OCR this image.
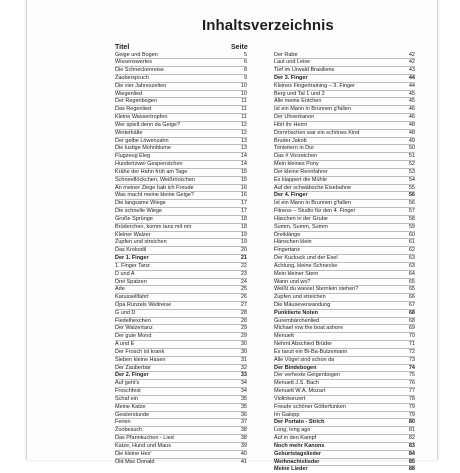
Inhaltsverzeichnis
Titel	Seite
Geige und Bogen	5
Wissenswertes	6
Die Schneckenreise	8
Zauberspruch	9
Die vier Jahreszeiten	10
Wiegenlied	10
Der Regenbogen	11
Das Regenlied	11
Kleine Wassertropfen	11
Wer spielt denn da Geige?	12
Winterkälte	12
Der gelbe Löwenzahn	13
Die lustige Mohnblume	13
Flugzeug Eleg	14
Hundertzwei Gespenstchen	14
Krähe der Hahn früh am Tage	15
Schneeflöckchen, Weißröckchen	15
An meiner Ziege hab ich Freude	16
Was macht meine kleine Geige?	16
Die langsame Wiege	17
Die schnelle Wiege	17
Große Sprünge	18
Brüderchen, komm tanz mit mir	18
Kleiner Walzer	19
Zupfen und streichen	19
Das Krokodil	20
Der 1. Finger	21
1. Finger Tanz	22
D und A	23
Drei Spatzen	24
Ade	25
Karussellfahrt	26
Opa Runzels Weltreise	27
G und D	28
Fiedelhexchen	28
Der Walzertanz	29
Der gute Mond	29
A und E	30
Der Frosch ist krank	30
Sieben kleine Hasen	31
Der Zauberbär	32
Der 2. Finger	33
Auf geht's	34
Froschfest	34
Schaf ein	35
Meine Katze	35
Geisterstunde	36
Ferien	37
Zoobesuch	38
Das Pfannkuchen - Lied	38
Katze, Hund und Maus	39
Die kleine Hex'	40
Old Mac Donald	41
Der Rabe	42
Laut und Leise	42
Tief im Urwald Brasiliens	43
Der 3. Finger	44
Kleines Fingertraining – 3. Finger	44
Berg und Tal 1 und 2	45
Alle meine Entchen	45
Ist ein Mann in Brunnen g'fallen	46
Der Uhrenkanon	46
Hört ihr Herrn	48
Dornröschen war ein schönes Kind	48
Bruder Jakob	49
Tonleitern in Dur	50
Das # Vorzeichen	51
Mein kleines Pony	52
Der kleine Rennfahrer	53
Es klappert die Mühle	54
Auf der schwäbsche Eisebahne	55
Der 4. Finger	56
Ist ein Mann in Brunnen g'fallen	56
Fitness – Studio für den 4. Finger	57
Häschen in der Grube	58
Summ, Summ, Summ	59
Dreiklänge	60
Hänschen klein	61
Fingertanz	62
Der Kuckuck und der Esel	63
Achtung, kleine Schnecke	63
Mein kleiner Stern	64
Wann und wo?	65
Weißt du wieviel Sternlein stehen?	65
Zupfen und streichen	66
Die Mäuseverwandung	67
Punktierte Noten	68
Gurembärchenlied	68
Michael row the boat ashore	69
Menuett	70
Nehmt Abschied Brüder	71
Es tanzt ein Bi-Ba-Butzemann	72
Alle Vögel sind schon da	73
Der Bindebogen	74
Der verhexte Geigenbogen	75
Menuett J.S. Bach	76
Menuett W.A. Mozart	77
Violinkonzert	78
Freude schöner Götterfunken	79
Im Galopp	79
Der Portato - Strich	80
Long, long ago	81
Auf in den Kampf	82
Noch mehr Kanons	83
Geburtstagslieder	84
Weihnachtslieder	85
Meine Lieder	88
